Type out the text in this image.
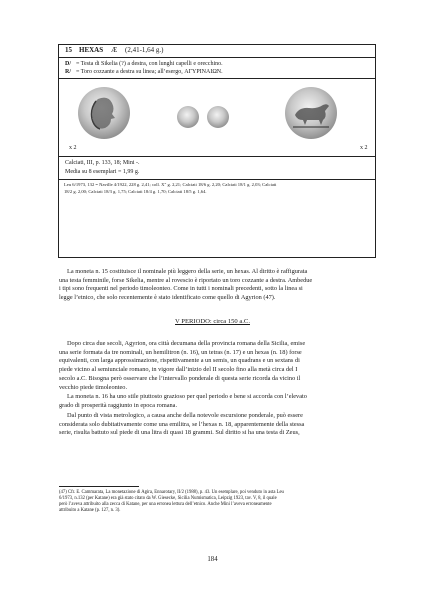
15 HEXAS Æ (2,41-1,64 g.)
D/ = Testa di Sikelia (?) a destra, con lunghi capelli e orecchino.
R/ = Toro cozzante a destra su linea; all’esergo, ΑΓΥΡΙΝΑΙΩΝ.
x 2	x 2
Calciati, III, p. 133, 18; Mini -.
Media su 8 esemplari = 1,99 g.
Leu 6/1973, 132 = Naville 4/1922, 228 g. 2,41; coll. X" g. 2,21; Calciati 18/6 g. 2,20; Calciati 18/1 g. 2,03; Calciati
18/2 g. 2,00; Calciati 18/3 g. 1,75; Calciati 18/4 g. 1,70; Calciati 18/5 g. 1,64.
La moneta n. 15 costituisce il nominale più leggero della serie, un hexas. Al diritto è raffigurata
una testa femminile, forse Sikelia, mentre al rovescio è riportato un toro cozzante a destra. Ambedue
i tipi sono frequenti nel periodo timoleonteo. Come in tutti i nominali precedenti, sotto la linea si
legge l’etnico, che solo recentemente è stato identificato come quello di Agyrion (47).
V PERIODO: circa 150 a.C.
Dopo circa due secoli, Agyrion, ora città decumana della provincia romana della Sicilia, emise
una serie formata da tre nominali, un hemilitron (n. 16), un tetras (n. 17) e un hexas (n. 18) forse
equivalenti, con larga approssimazione, rispettivamente a un semis, un quadrans e un sextans di
piede vicino al semiunciale romano, in vigore dall’inizio del II secolo fino alla metà circa del I
secolo a.C. Bisogna però osservare che l’intervallo ponderale di questa serie ricorda da vicino il
vecchio piede timoleonteo.
La moneta n. 16 ha uno stile piuttosto grazioso per quel periodo e bene si accorda con l’elevato
grado di prosperità raggiunto in epoca romana.
Dal punto di vista metrologico, a causa anche della notevole escursione ponderale, può essere
considerata solo dubitativamente come una emilitra, se l’hexas n. 18, apparentemente della stessa
serie, risulta battuto sul piede di una litra di quasi 18 grammi. Sul diritto si ha una testa di Zeus,
(47) Cfr. E. Cammarata, La monetazione di Agira, Ennarotary, II/2 (1988), p. 43. Un esemplare, poi venduto in asta Leu
6/1973, n.132 (per Katane) era già stato citato da W. Giesecke, Sicilia Numismatica, Leipzig 1923, tav. V, 8, il quale
però l’aveva attribuito alla zecca di Katane, per una erronea lettura dell’etnico. Anche Mini l’aveva erroneamente
attribuito a Katane (p. 127, n. 3).
184
